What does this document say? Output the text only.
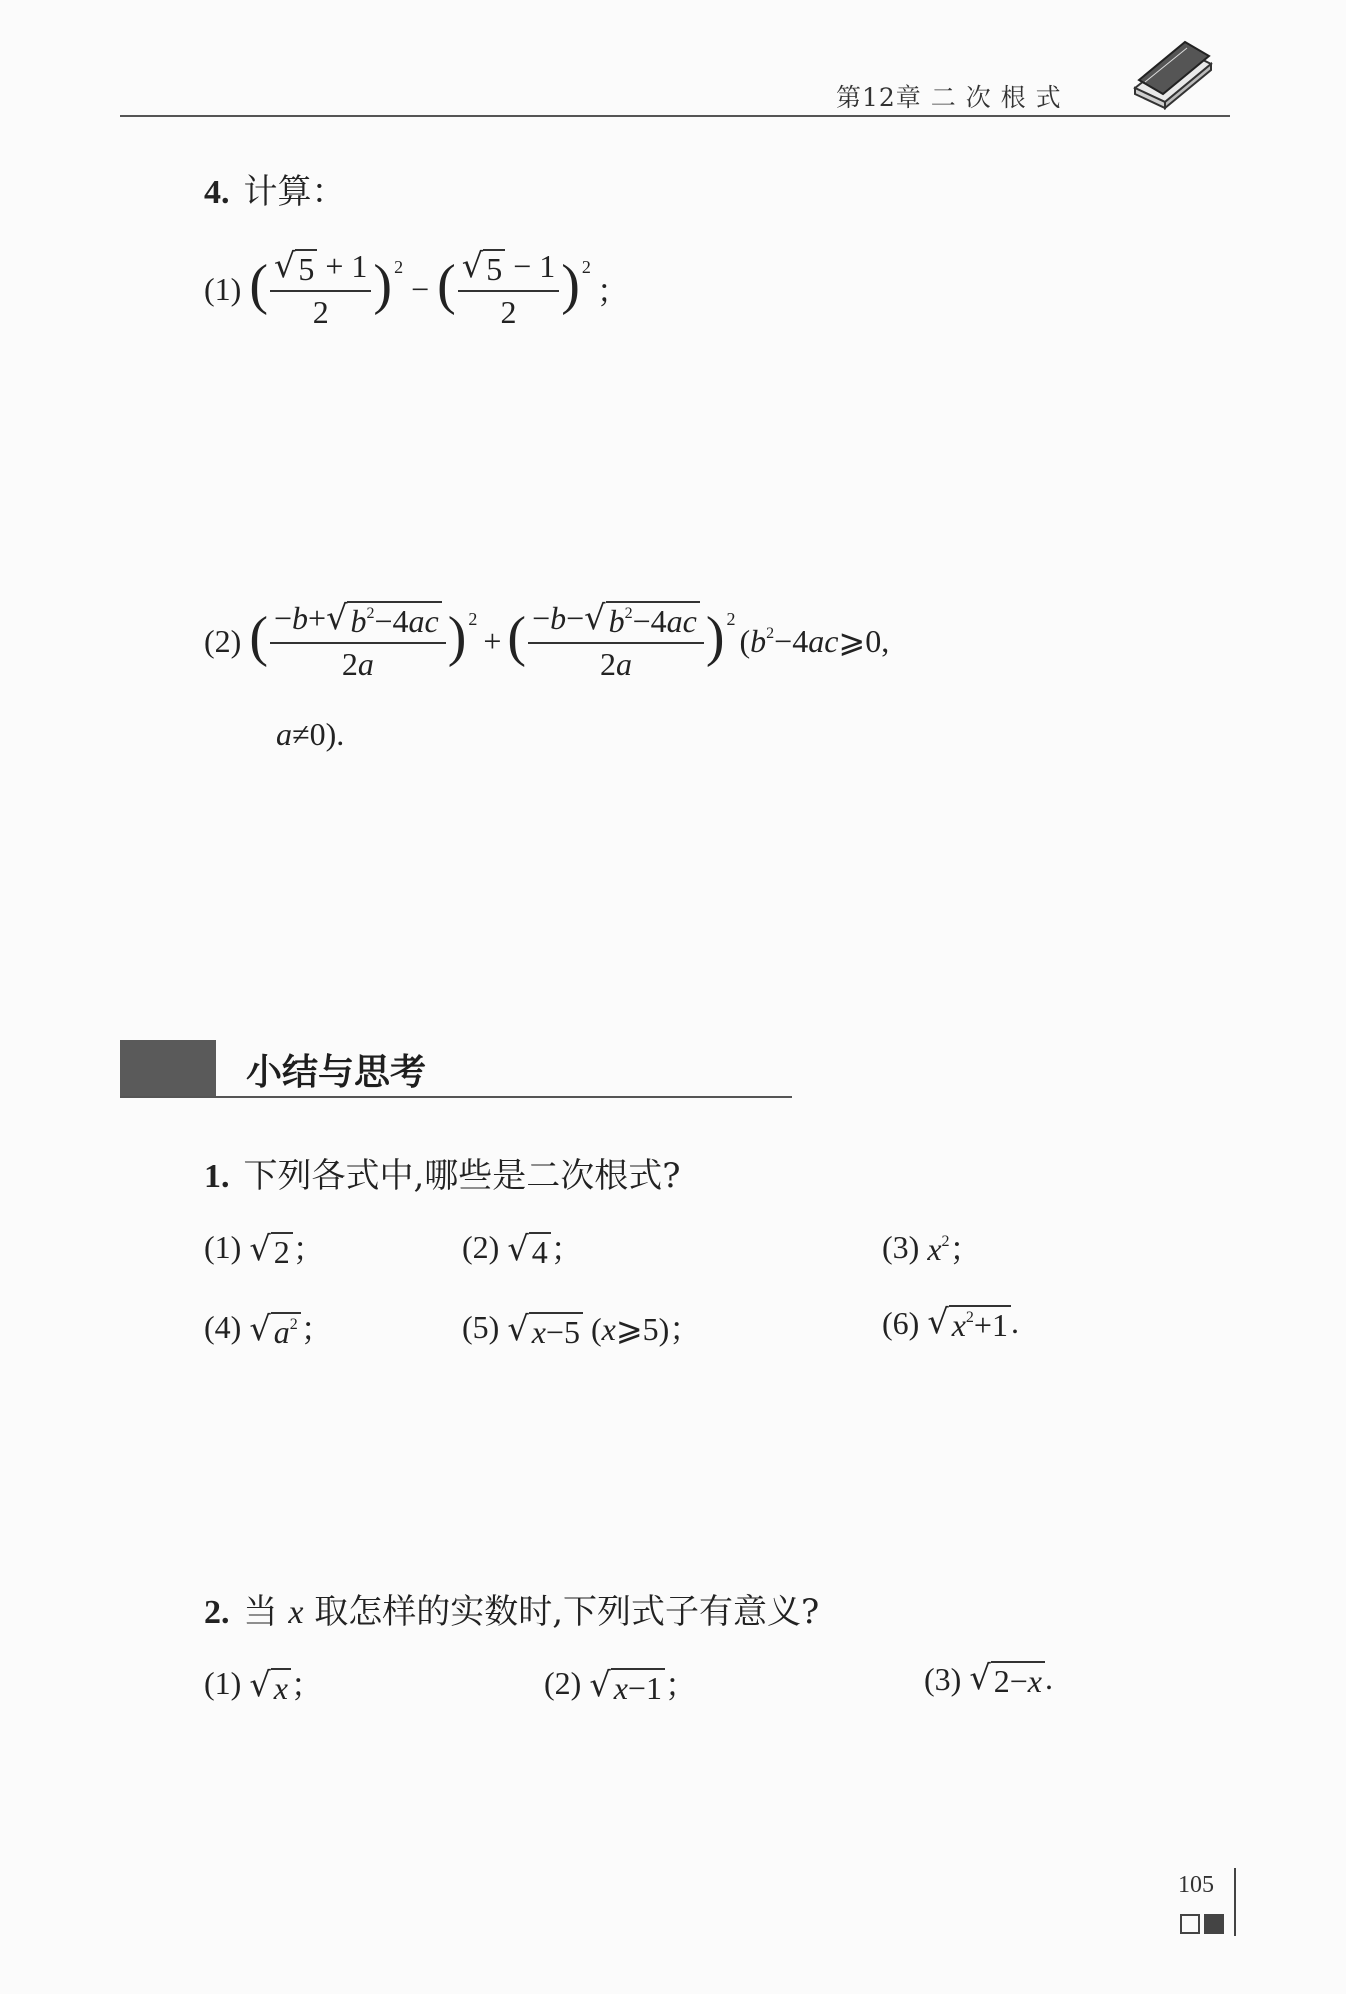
第12章 二 次 根 式
4. 计算：
(1) ( $\frac{√ 5 + 1}{2}$ ) 2
− ( $\frac{√ 5 - 1}{2}$ ) 2
；
(2) ( $\frac{-b+ √ b^2-4ac}{2a}$ ) 2
+ ( $\frac{-b- √ b^2-4ac}{2a}$ ) 2
($b^2-4ac⩾0$,
a≠0).
小结与思考
1. 下列各式中,哪些是二次根式?
(1) √ 2 ；	(2) √ 4 ；	(3) $x^2$；
(4) √ $a^2$ ；	(5) √ x−5 (x⩾5)；	(6) √ $x^2+1$ .
2. 当 x 取怎样的实数时,下列式子有意义?
(1) √ x ；	(2) √ x−1 ；	(3) √ 2−x .
105
